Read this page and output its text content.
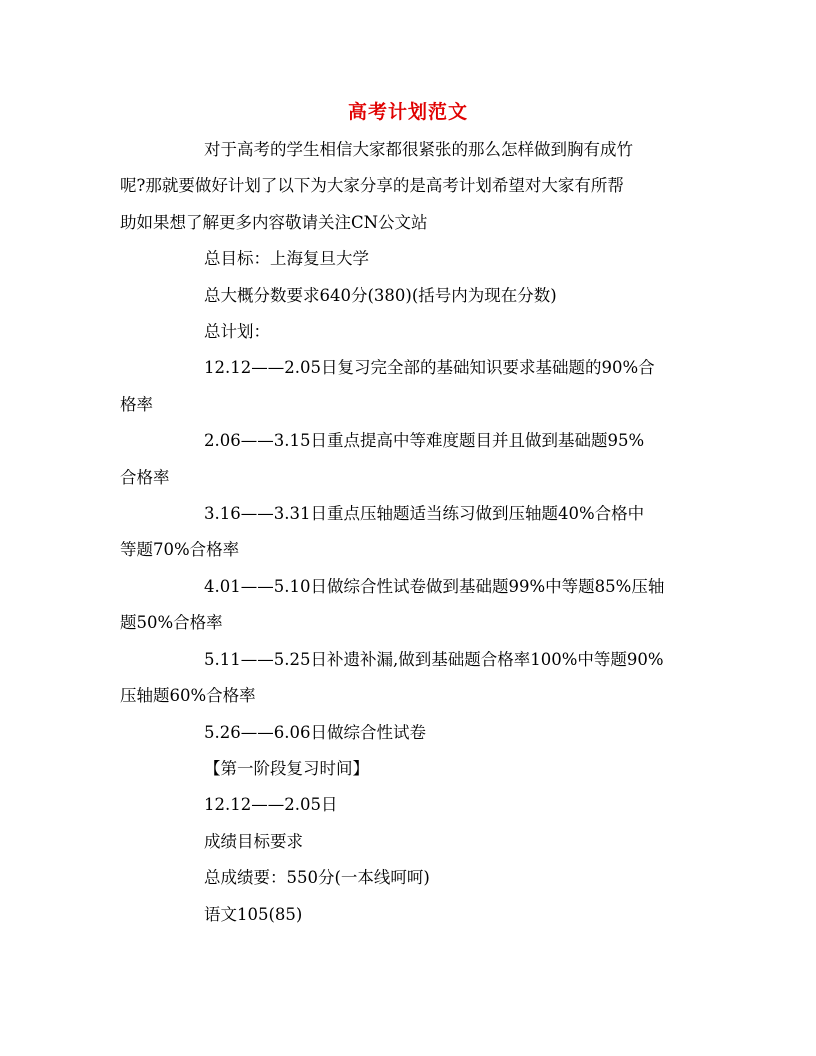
高考计划范文

对于高考的学生相信大家都很紧张的那么怎样做到胸有成竹
呢?那就要做好计划了以下为大家分享的是高考计划希望对大家有所帮
助如果想了解更多内容敬请关注CN公文站

总目标：上海复旦大学

总大概分数要求640分(380)(括号内为现在分数)

总计划：

12.12——2.05日复习完全部的基础知识要求基础题的90%合
格率

2.06——3.15日重点提高中等难度题目并且做到基础题95%
合格率

3.16——3.31日重点压轴题适当练习做到压轴题40%合格中
等题70%合格率

4.01——5.10日做综合性试卷做到基础题99%中等题85%压轴
题50%合格率

5.11——5.25日补遗补漏,做到基础题合格率100%中等题90%
压轴题60%合格率

5.26——6.06日做综合性试卷

【第一阶段复习时间】

12.12——2.05日

成绩目标要求

总成绩要：550分(一本线呵呵)

语文105(85)
